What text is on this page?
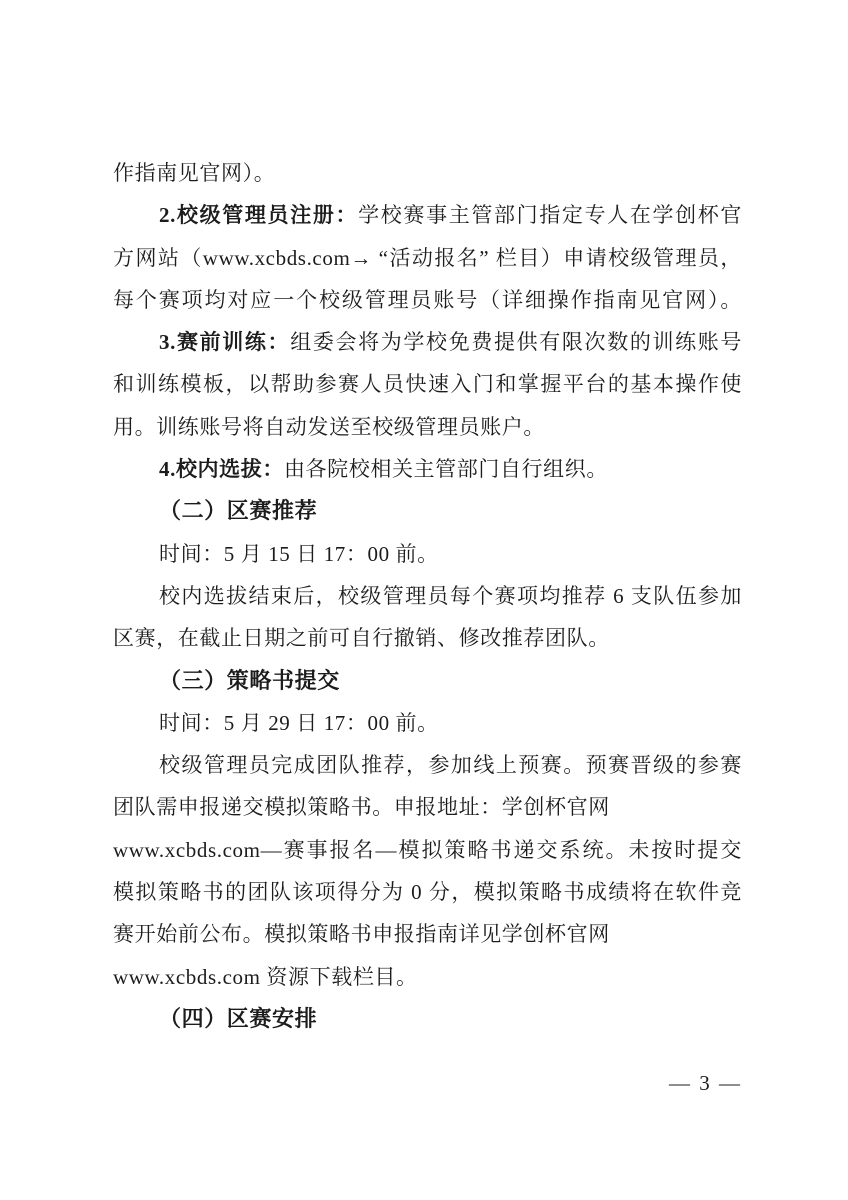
作指南见官网）。
2.校级管理员注册：学校赛事主管部门指定专人在学创杯官
方网站（www.xcbds.com→ “活动报名” 栏目）申请校级管理员，
每个赛项均对应一个校级管理员账号（详细操作指南见官网）。
3.赛前训练：组委会将为学校免费提供有限次数的训练账号
和训练模板，以帮助参赛人员快速入门和掌握平台的基本操作使
用。训练账号将自动发送至校级管理员账户。
4.校内选拔：由各院校相关主管部门自行组织。
（二）区赛推荐
时间：5 月 15 日 17：00 前。
校内选拔结束后，校级管理员每个赛项均推荐 6 支队伍参加
区赛，在截止日期之前可自行撤销、修改推荐团队。
（三）策略书提交
时间：5 月 29 日 17：00 前。
校级管理员完成团队推荐，参加线上预赛。预赛晋级的参赛
团队需申报递交模拟策略书。申报地址：学创杯官网
www.xcbds.com—赛事报名—模拟策略书递交系统。未按时提交
模拟策略书的团队该项得分为 0 分，模拟策略书成绩将在软件竞
赛开始前公布。模拟策略书申报指南详见学创杯官网
www.xcbds.com 资源下载栏目。
（四）区赛安排
— 3 —
